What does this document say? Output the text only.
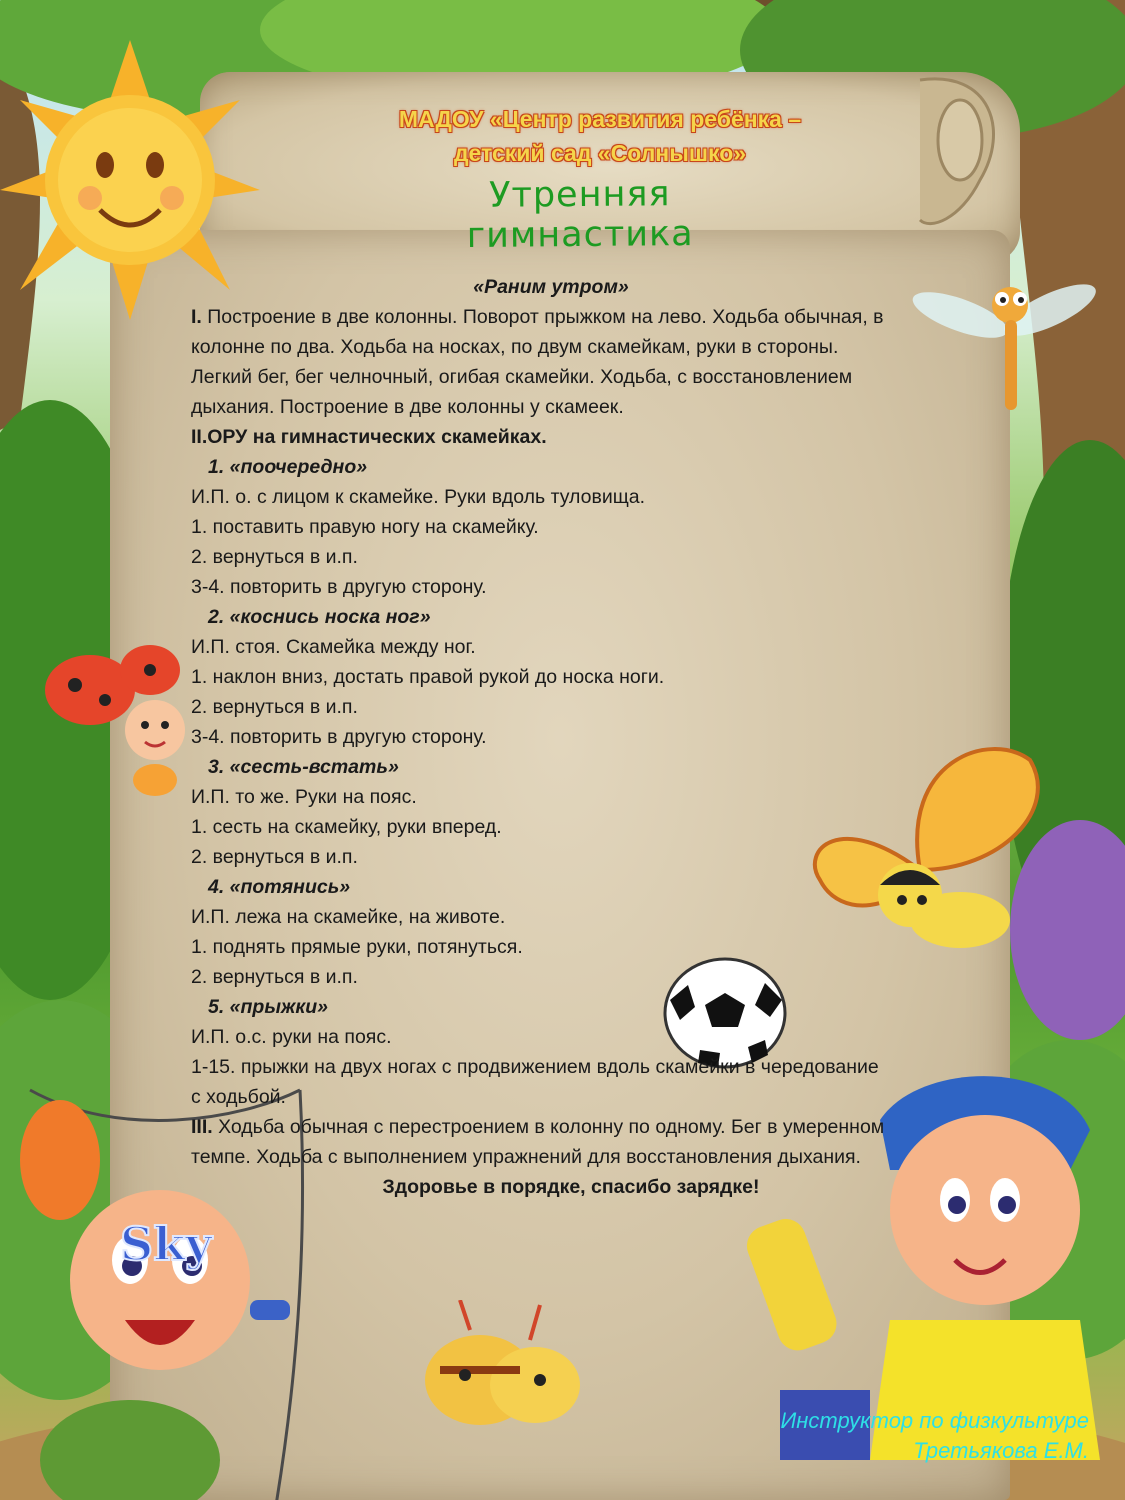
Sky
МАДОУ «Центр развития ребёнка –
детский сад «Солнышко»
Утренняя гимнастика
«Раним утром»
I. Построение в две колонны. Поворот прыжком на лево. Ходьба обычная, в колонне по два. Ходьба на носках, по двум скамейкам, руки в стороны. Легкий бег, бег челночный, огибая скамейки. Ходьба, с восстановлением дыхания. Построение в две колонны у скамеек.
II.ОРУ на гимнастических скамейках.
1. «поочередно»
И.П. о. с лицом к скамейке. Руки вдоль туловища.
1. поставить правую ногу на скамейку.
2. вернуться в и.п.
3-4. повторить в другую сторону.
2. «коснись носка ног»
И.П. стоя. Скамейка между ног.
1. наклон вниз, достать правой рукой до носка ноги.
2. вернуться в и.п.
3-4. повторить в другую сторону.
3. «сесть-встать»
И.П. то же. Руки на пояс.
1. сесть на скамейку, руки вперед.
2. вернуться в и.п.
4. «потянись»
И.П. лежа на скамейке, на животе.
1. поднять прямые руки, потянуться.
2. вернуться в и.п.
5. «прыжки»
И.П. о.с. руки на пояс.
1-15. прыжки на двух ногах с продвижением вдоль скамейки в чередование с ходьбой.
III. Ходьба обычная с перестроением в колонну по одному. Бег в умеренном темпе. Ходьба с выполнением упражнений для восстановления дыхания.
Здоровье в порядке, спасибо зарядке!
Инструктор по физкультуре
Третьякова Е.М.
